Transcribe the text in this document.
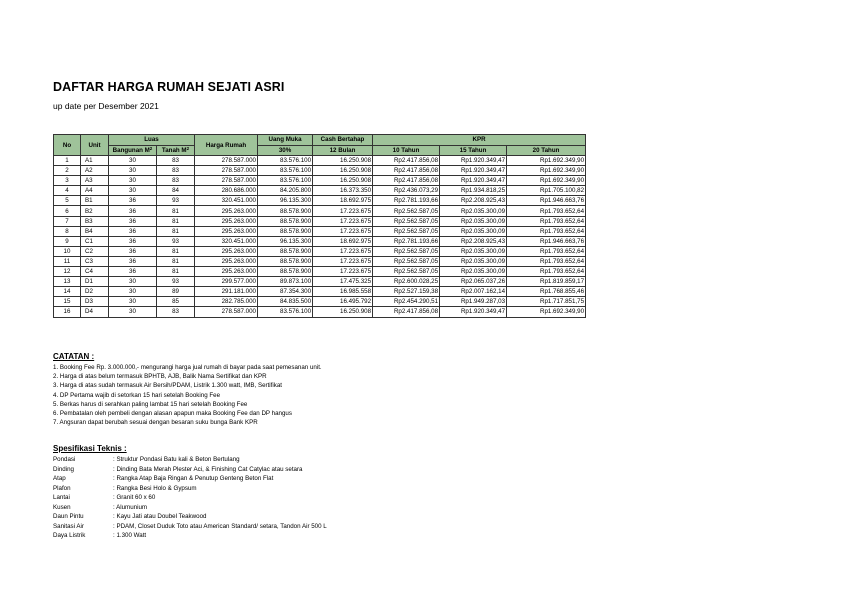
DAFTAR HARGA RUMAH SEJATI ASRI
up date per Desember 2021
No	Unit	Luas		Harga Rumah	Uang Muka	Cash Bertahap	KPR		
		Bangunan $M^2$	Tanah $M^2$		30%	12 Bulan	10 Tahun	15 Tahun	20 Tahun
1	A1	30	83	278.587.000	83.576.100	16.250.908	Rp2.417.856,08	Rp1.920.349,47	Rp1.692.349,90
2	A2	30	83	278.587.000	83.576.100	16.250.908	Rp2.417.856,08	Rp1.920.349,47	Rp1.692.349,90
3	A3	30	83	278.587.000	83.576.100	16.250.908	Rp2.417.856,08	Rp1.920.349,47	Rp1.692.349,90
4	A4	30	84	280.686.000	84.205.800	16.373.350	Rp2.436.073,29	Rp1.934.818,25	Rp1.705.100,82
5	B1	36	93	320.451.000	96.135.300	18.692.975	Rp2.781.193,66	Rp2.208.925,43	Rp1.946.663,76
6	B2	36	81	295.263.000	88.578.900	17.223.675	Rp2.562.587,05	Rp2.035.300,09	Rp1.793.652,64
7	B3	36	81	295.263.000	88.578.900	17.223.675	Rp2.562.587,05	Rp2.035.300,09	Rp1.793.652,64
8	B4	36	81	295.263.000	88.578.900	17.223.675	Rp2.562.587,05	Rp2.035.300,09	Rp1.793.652,64
9	C1	36	93	320.451.000	96.135.300	18.692.975	Rp2.781.193,66	Rp2.208.925,43	Rp1.946.663,76
10	C2	36	81	295.263.000	88.578.900	17.223.675	Rp2.562.587,05	Rp2.035.300,09	Rp1.793.652,64
11	C3	36	81	295.263.000	88.578.900	17.223.675	Rp2.562.587,05	Rp2.035.300,09	Rp1.793.652,64
12	C4	36	81	295.263.000	88.578.900	17.223.675	Rp2.562.587,05	Rp2.035.300,09	Rp1.793.652,64
13	D1	30	93	299.577.000	89.873.100	17.475.325	Rp2.600.028,25	Rp2.065.037,26	Rp1.819.859,17
14	D2	30	89	291.181.000	87.354.300	16.985.558	Rp2.527.159,38	Rp2.007.162,14	Rp1.768.855,46
15	D3	30	85	282.785.000	84.835.500	16.495.792	Rp2.454.290,51	Rp1.949.287,03	Rp1.717.851,75
16	D4	30	83	278.587.000	83.576.100	16.250.908	Rp2.417.856,08	Rp1.920.349,47	Rp1.692.349,90
CATATAN :
1. Booking Fee Rp. 3.000.000,- mengurangi harga jual rumah di bayar pada saat pemesanan unit.
2. Harga di atas belum termasuk BPHTB, AJB, Balik Nama Sertifikat dan KPR
3. Harga di atas sudah termasuk Air Bersih/PDAM, Listrik 1.300 watt, IMB, Sertifikat
4. DP Pertama wajib di setorkan 15 hari setelah Booking Fee
5. Berkas harus di serahkan paling lambat 15 hari setelah Booking Fee
6. Pembatalan oleh pembeli dengan alasan apapun maka Booking Fee dan DP hangus
7. Angsuran dapat berubah sesuai dengan besaran suku bunga Bank KPR
Spesifikasi Teknis :
Pondasi	: Struktur Pondasi Batu kali & Beton Bertulang
Dinding	: Dinding Bata Merah Plester Aci, & Finishing Cat Catylac atau setara
Atap	: Rangka Atap Baja Ringan & Penutup Genteng Beton Flat
Plafon	: Rangka Besi Holo & Gypsum
Lantai	: Granit 60 x 60
Kusen	: Alumunium
Daun Pintu	: Kayu Jati atau Doubel Teakwood
Sanitasi Air	: PDAM, Closet Duduk Toto atau American Standard/ setara, Tandon Air 500 L
Daya Listrik	: 1.300 Watt
